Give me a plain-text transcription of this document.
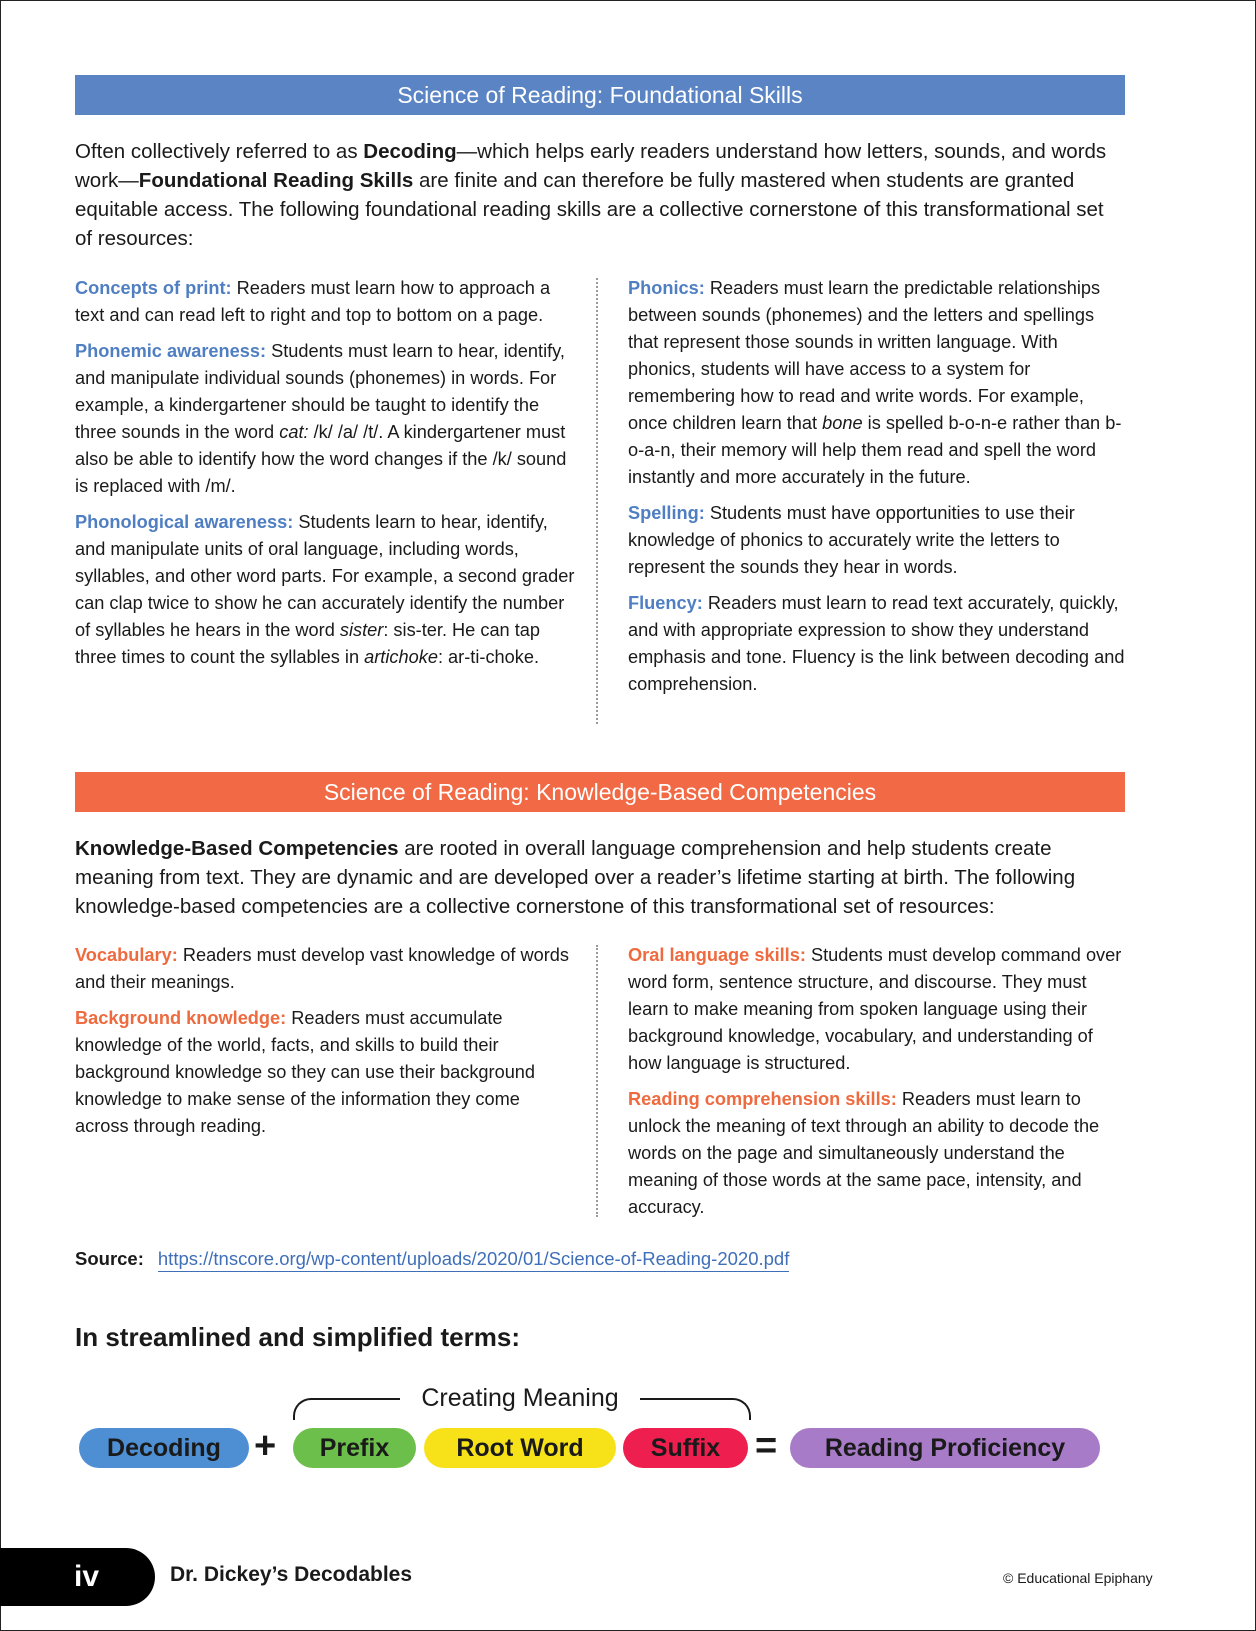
Science of Reading: Foundational Skills

Often collectively referred to as Decoding—which helps early readers understand how letters, sounds, and words work—Foundational Reading Skills are finite and can therefore be fully mastered when students are granted equitable access. The following foundational reading skills are a collective cornerstone of this transformational set of resources:

Concepts of print: Readers must learn how to approach a text and can read left to right and top to bottom on a page.

Phonemic awareness: Students must learn to hear, identify, and manipulate individual sounds (phonemes) in words. For example, a kindergartener should be taught to identify the three sounds in the word cat: /k/ /a/ /t/. A kindergartener must also be able to identify how the word changes if the /k/ sound is replaced with /m/.

Phonological awareness: Students learn to hear, identify, and manipulate units of oral language, including words, syllables, and other word parts. For example, a second grader can clap twice to show he can accurately identify the number of syllables he hears in the word sister: sis-ter. He can tap three times to count the syllables in artichoke: ar-ti-choke.

Phonics: Readers must learn the predictable relationships between sounds (phonemes) and the letters and spellings that represent those sounds in written language. With phonics, students will have access to a system for remembering how to read and write words. For example, once children learn that bone is spelled b-o-n-e rather than b-o-a-n, their memory will help them read and spell the word instantly and more accurately in the future.

Spelling: Students must have opportunities to use their knowledge of phonics to accurately write the letters to represent the sounds they hear in words.

Fluency: Readers must learn to read text accurately, quickly, and with appropriate expression to show they understand emphasis and tone. Fluency is the link between decoding and comprehension.

Science of Reading: Knowledge-Based Competencies

Knowledge-Based Competencies are rooted in overall language comprehension and help students create meaning from text. They are dynamic and are developed over a reader’s lifetime starting at birth. The following knowledge-based competencies are a collective cornerstone of this transformational set of resources:

Vocabulary: Readers must develop vast knowledge of words and their meanings.

Background knowledge: Readers must accumulate knowledge of the world, facts, and skills to build their background knowledge so they can use their background knowledge to make sense of the information they come across through reading.

Oral language skills: Students must develop command over word form, sentence structure, and discourse. They must learn to make meaning from spoken language using their background knowledge, vocabulary, and understanding of how language is structured.

Reading comprehension skills: Readers must learn to unlock the meaning of text through an ability to decode the words on the page and simultaneously understand the meaning of those words at the same pace, intensity, and accuracy.

Source: https://tnscore.org/wp-content/uploads/2020/01/Science-of-Reading-2020.pdf
In streamlined and simplified terms:
Creating Meaning
Decoding +	Prefix	Root Word	Suffix =	Reading Proficiency
iv	Dr. Dickey’s Decodables	© Educational Epiphany
